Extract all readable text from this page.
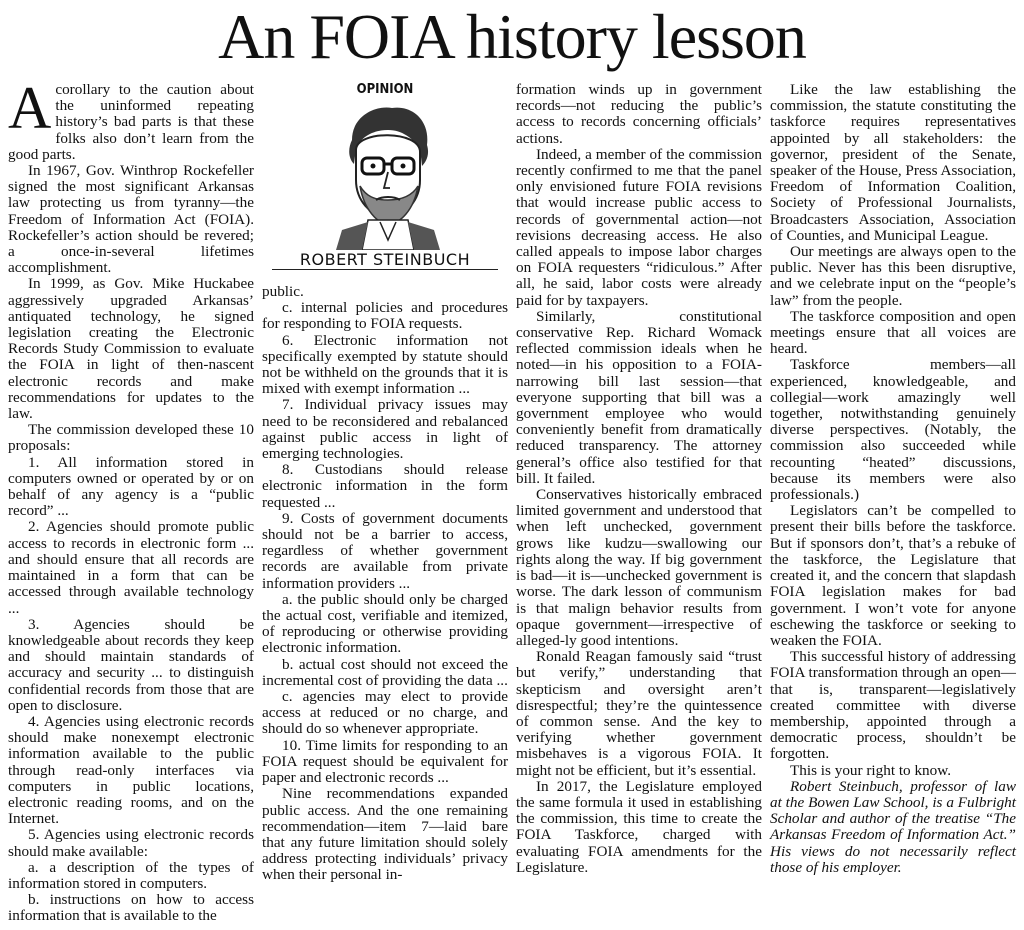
An FOIA history lesson

Acorollary to the caution about the uninformed repeating history’s bad parts is that these folks also don’t learn from the good parts.

In 1967, Gov. Winthrop Rockefeller signed the most significant Arkansas law protecting us from tyranny—the Freedom of Information Act (FOIA). Rockefeller’s action should be revered; a once-in-several lifetimes accomplishment.

In 1999, as Gov. Mike Huckabee aggressively upgraded Arkansas’ antiquated technology, he signed legislation creating the Electronic Records Study Commission to evaluate the FOIA in light of then-nascent electronic records and make recommendations for updates to the law.

The commission developed these 10 proposals:

1. All information stored in computers owned or operated by or on behalf of any agency is a “public record” ...

2. Agencies should promote public access to records in electronic form ... and should ensure that all records are maintained in a form that can be accessed through available technology ...

3. Agencies should be knowledgeable about records they keep and should maintain standards of accuracy and security ... to distinguish confidential records from those that are open to disclosure.

4. Agencies using electronic records should make nonexempt electronic information available to the public through read-only interfaces via computers in public locations, electronic reading rooms, and on the Internet.

5. Agencies using electronic records should make available:

a. a description of the types of information stored in computers.

b. instructions on how to access information that is available to the

OPINION
ROBERT STEINBUCH

public.

c. internal policies and procedures for responding to FOIA requests.

6. Electronic information not specifically exempted by statute should not be withheld on the grounds that it is mixed with exempt information ...

7. Individual privacy issues may need to be reconsidered and rebalanced against public access in light of emerging technologies.

8. Custodians should release electronic information in the form requested ...

9. Costs of government documents should not be a barrier to access, regardless of whether government records are available from private information providers ...

a. the public should only be charged the actual cost, verifiable and itemized, of reproducing or otherwise providing electronic information.

b. actual cost should not exceed the incremental cost of providing the data ...

c. agencies may elect to provide access at reduced or no charge, and should do so whenever appropriate.

10. Time limits for responding to an FOIA request should be equivalent for paper and electronic records ...

Nine recommendations expanded public access. And the one remaining recommendation—item 7—laid bare that any future limitation should solely address protecting individuals’ privacy when their personal in-

formation winds up in government records—not reducing the public’s access to records concerning officials’ actions.

Indeed, a member of the commission recently confirmed to me that the panel only envisioned future FOIA revisions that would increase public access to records of governmental action—not revisions decreasing access. He also called appeals to impose labor charges on FOIA requesters “ridiculous.” After all, he said, labor costs were already paid for by taxpayers.

Similarly, constitutional conservative Rep. Richard Womack reflected commission ideals when he noted—in his opposition to a FOIA-narrowing bill last session—that everyone supporting that bill was a government employee who would conveniently benefit from dramatically reduced transparency. The attorney general’s office also testified for that bill. It failed.

Conservatives historically embraced limited government and understood that when left unchecked, government grows like kudzu—swallowing our rights along the way. If big government is bad—it is—unchecked government is worse. The dark lesson of communism is that malign behavior results from opaque government—irrespective of alleged-ly good intentions.

Ronald Reagan famously said “trust but verify,” understanding that skepticism and oversight aren’t disrespectful; they’re the quintessence of common sense. And the key to verifying whether government misbehaves is a vigorous FOIA. It might not be efficient, but it’s essential.

In 2017, the Legislature employed the same formula it used in establishing the commission, this time to create the FOIA Taskforce, charged with evaluating FOIA amendments for the Legislature.

Like the law establishing the commission, the statute constituting the taskforce requires representatives appointed by all stakeholders: the governor, president of the Senate, speaker of the House, Press Association, Freedom of Information Coalition, Society of Professional Journalists, Broadcasters Association, Association of Counties, and Municipal League.

Our meetings are always open to the public. Never has this been disruptive, and we celebrate input on the “people’s law” from the people.

The taskforce composition and open meetings ensure that all voices are heard.

Taskforce members—all experienced, knowledgeable, and collegial—work amazingly well together, notwithstanding genuinely diverse perspectives. (Notably, the commission also succeeded while recounting “heated” discussions, because its members were also professionals.)

Legislators can’t be compelled to present their bills before the taskforce. But if sponsors don’t, that’s a rebuke of the taskforce, the Legislature that created it, and the concern that slapdash FOIA legislation makes for bad government. I won’t vote for anyone eschewing the taskforce or seeking to weaken the FOIA.

This successful history of addressing FOIA transformation through an open—that is, transparent—legislatively created committee with diverse membership, appointed through a democratic process, shouldn’t be forgotten.

This is your right to know.

Robert Steinbuch, professor of law at the Bowen Law School, is a Fulbright Scholar and author of the treatise “The Arkansas Freedom of Information Act.” His views do not necessarily reflect those of his employer.
